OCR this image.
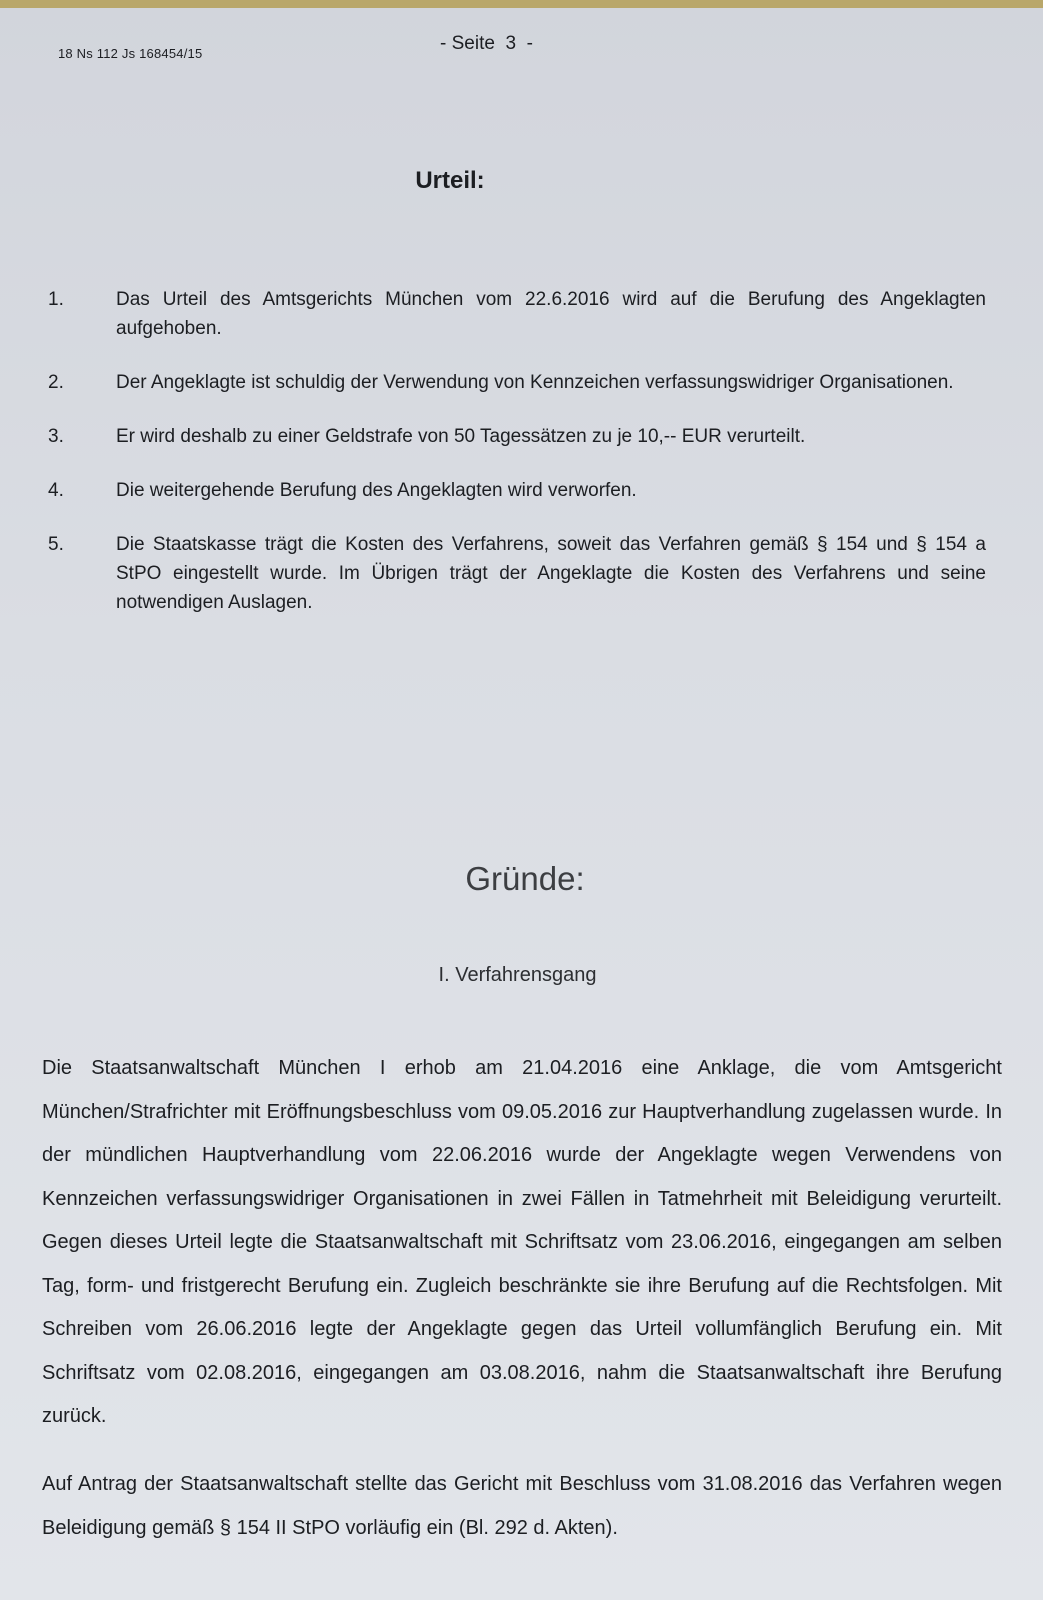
18 Ns 112 Js 168454/15	- Seite  3  -
Urteil:
1.	Das Urteil des Amtsgerichts München vom 22.6.2016 wird auf die Berufung des Angeklagten aufgehoben.
2.	Der Angeklagte ist schuldig der Verwendung von Kennzeichen verfassungswidriger Organisationen.
3.	Er wird deshalb zu einer Geldstrafe von 50 Tagessätzen zu je 10,-- EUR verurteilt.
4.	Die weitergehende Berufung des Angeklagten wird verworfen.
5.	Die Staatskasse trägt die Kosten des Verfahrens, soweit das Verfahren gemäß § 154 und § 154 a StPO eingestellt wurde. Im Übrigen trägt der Angeklagte die Kosten des Verfahrens und seine notwendigen Auslagen.
Gründe:
I. Verfahrensgang
Die Staatsanwaltschaft München I erhob am 21.04.2016 eine Anklage, die vom Amtsgericht München/Strafrichter mit Eröffnungsbeschluss vom 09.05.2016 zur Hauptverhandlung zugelassen wurde. In der mündlichen Hauptverhandlung vom 22.06.2016 wurde der Angeklagte wegen Verwendens von Kennzeichen verfassungswidriger Organisationen in zwei Fällen in Tatmehrheit mit Beleidigung verurteilt. Gegen dieses Urteil legte die Staatsanwaltschaft mit Schriftsatz vom 23.06.2016, eingegangen am selben Tag, form- und fristgerecht Berufung ein. Zugleich beschränkte sie ihre Berufung auf die Rechtsfolgen. Mit Schreiben vom 26.06.2016 legte der Angeklagte gegen das Urteil vollumfänglich Berufung ein. Mit Schriftsatz vom 02.08.2016, eingegangen am 03.08.2016, nahm die Staatsanwaltschaft ihre Berufung zurück.
Auf Antrag der Staatsanwaltschaft stellte das Gericht mit Beschluss vom 31.08.2016 das Verfahren wegen Beleidigung gemäß § 154 II StPO vorläufig ein (Bl. 292 d. Akten).
